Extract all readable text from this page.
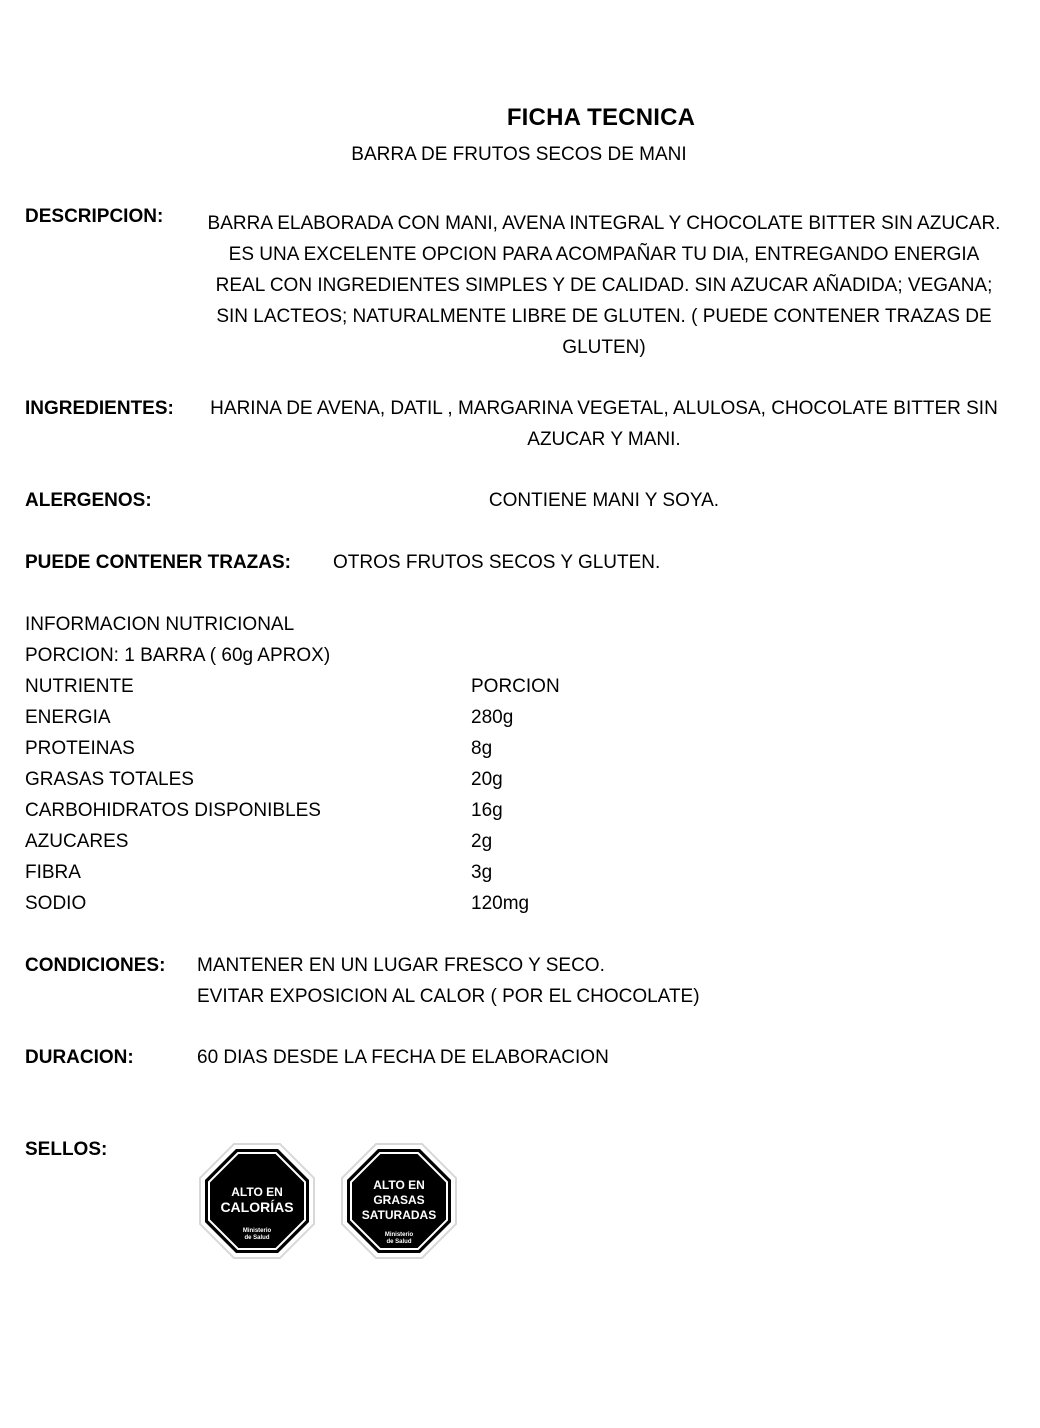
FICHA TECNICA
BARRA DE FRUTOS SECOS DE MANI
DESCRIPCION:	BARRA ELABORADA CON MANI, AVENA INTEGRAL Y CHOCOLATE BITTER SIN AZUCAR.
ES UNA EXCELENTE OPCION PARA ACOMPAÑAR TU DIA, ENTREGANDO ENERGIA
REAL CON INGREDIENTES SIMPLES Y DE CALIDAD. SIN AZUCAR AÑADIDA; VEGANA;
SIN LACTEOS; NATURALMENTE LIBRE DE GLUTEN. ( PUEDE CONTENER TRAZAS DE
GLUTEN)
INGREDIENTES:	HARINA DE AVENA, DATIL , MARGARINA VEGETAL, ALULOSA, CHOCOLATE BITTER SIN
AZUCAR Y MANI.
ALERGENOS:	CONTIENE MANI Y SOYA.
PUEDE CONTENER TRAZAS: OTROS FRUTOS SECOS Y GLUTEN.
INFORMACION NUTRICIONAL
PORCION: 1 BARRA ( 60g APROX)
NUTRIENTE	PORCION
ENERGIA	280g
PROTEINAS	8g
GRASAS TOTALES	20g
CARBOHIDRATOS DISPONIBLES	16g
AZUCARES	2g
FIBRA	3g
SODIO	120mg
CONDICIONES: MANTENER EN UN LUGAR FRESCO Y SECO.
EVITAR EXPOSICION AL CALOR ( POR EL CHOCOLATE)
DURACION:	60 DIAS DESDE LA FECHA DE ELABORACION
SELLOS:
ALTO EN
CALORÍAS
Ministerio
de Salud
ALTO EN
GRASAS
SATURADAS
Ministerio
de Salud
